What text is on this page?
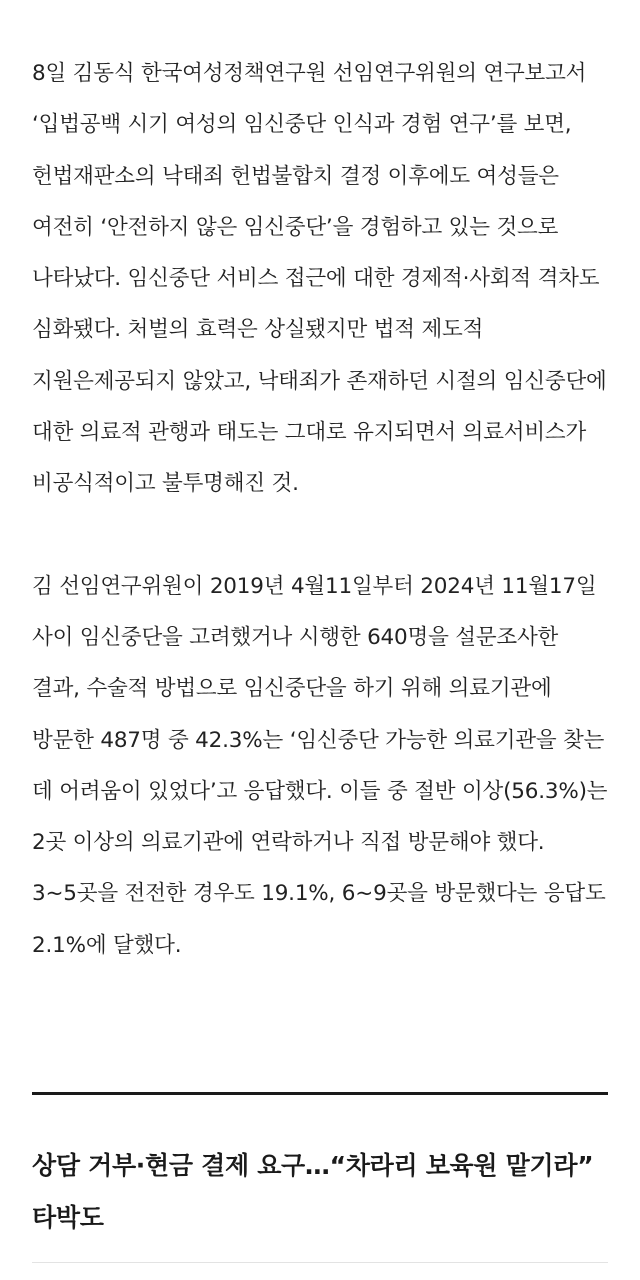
8일 김동식 한국여성정책연구원 선임연구위원의 연구보고서 ‘입법공백 시기 여성의 임신중단 인식과 경험 연구’를 보면, 헌법재판소의 낙태죄 헌법불합치 결정 이후에도 여성들은 여전히 ‘안전하지 않은 임신중단’을 경험하고 있는 것으로 나타났다. 임신중단 서비스 접근에 대한 경제적·사회적 격차도 심화됐다. 처벌의 효력은 상실됐지만 법적 제도적 지원은제공되지 않았고, 낙태죄가 존재하던 시절의 임신중단에 대한 의료적 관행과 태도는 그대로 유지되면서 의료서비스가 비공식적이고 불투명해진 것.

김 선임연구위원이 2019년 4월11일부터 2024년 11월17일 사이 임신중단을 고려했거나 시행한 640명을 설문조사한 결과, 수술적 방법으로 임신중단을 하기 위해 의료기관에 방문한 487명 중 42.3%는 ‘임신중단 가능한 의료기관을 찾는 데 어려움이 있었다’고 응답했다. 이들 중 절반 이상(56.3%)는 2곳 이상의 의료기관에 연락하거나 직접 방문해야 했다. 3~5곳을 전전한 경우도 19.1%, 6~9곳을 방문했다는 응답도 2.1%에 달했다.

상담 거부·현금 결제 요구…“차라리 보육원 맡기라” 타박도
